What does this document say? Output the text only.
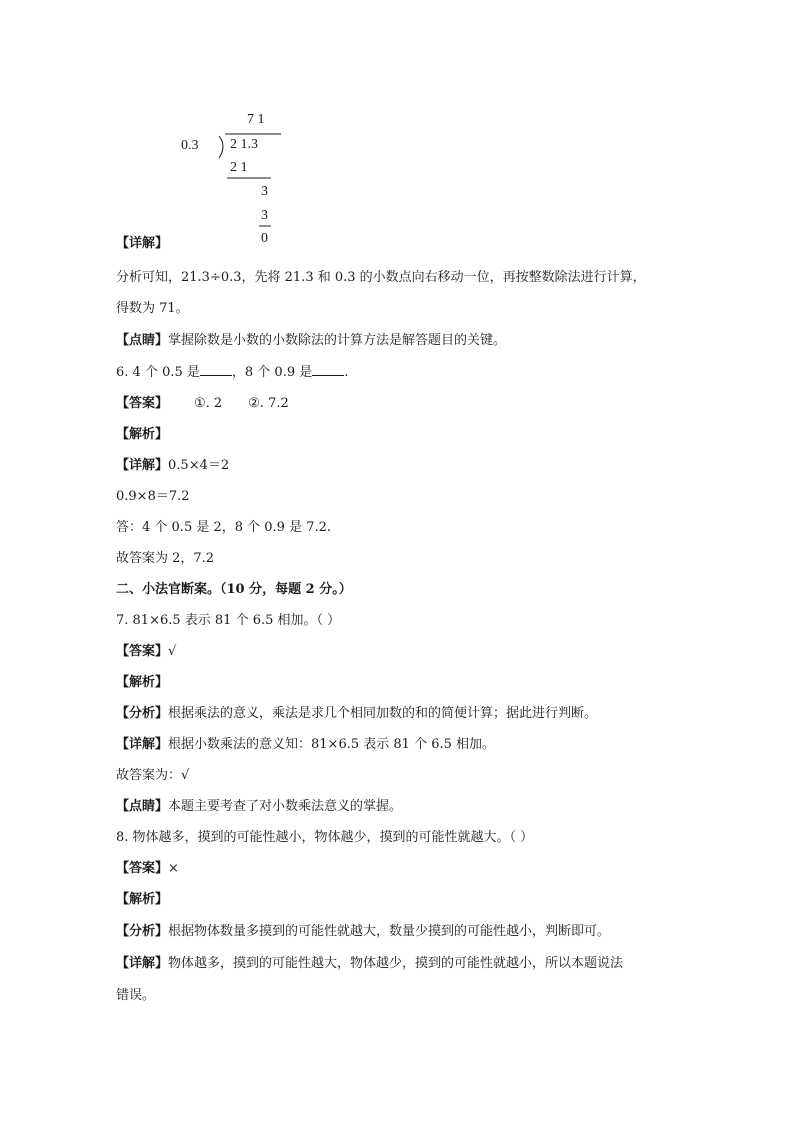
7 1
0.3 2 1.3
2 1
3
3
0
【详解】
分析可知，21.3÷0.3，先将 21.3 和 0.3 的小数点向右移动一位，再按整数除法进行计算，
得数为 71。
【点睛】掌握除数是小数的小数除法的计算方法是解答题目的关键。
6. 4 个 0.5 是 ，8 个 0.9 是 .
【答案】 ①. 2 ②. 7.2
【解析】
【详解】0.5×4＝2
0.9×8＝7.2
答：4 个 0.5 是 2，8 个 0.9 是 7.2.
故答案为 2，7.2
二、小法官断案。（10 分，每题 2 分。）
7. 81×6.5 表示 81 个 6.5 相加。（ ）
【答案】√
【解析】
【分析】根据乘法的意义，乘法是求几个相同加数的和的简便计算；据此进行判断。
【详解】根据小数乘法的意义知：81×6.5 表示 81 个 6.5 相加。
故答案为：√
【点睛】本题主要考查了对小数乘法意义的掌握。
8. 物体越多，摸到的可能性越小，物体越少，摸到的可能性就越大。（ ）
【答案】×
【解析】
【分析】根据物体数量多摸到的可能性就越大，数量少摸到的可能性越小，判断即可。
【详解】物体越多，摸到的可能性越大，物体越少，摸到的可能性就越小，所以本题说法
错误。
